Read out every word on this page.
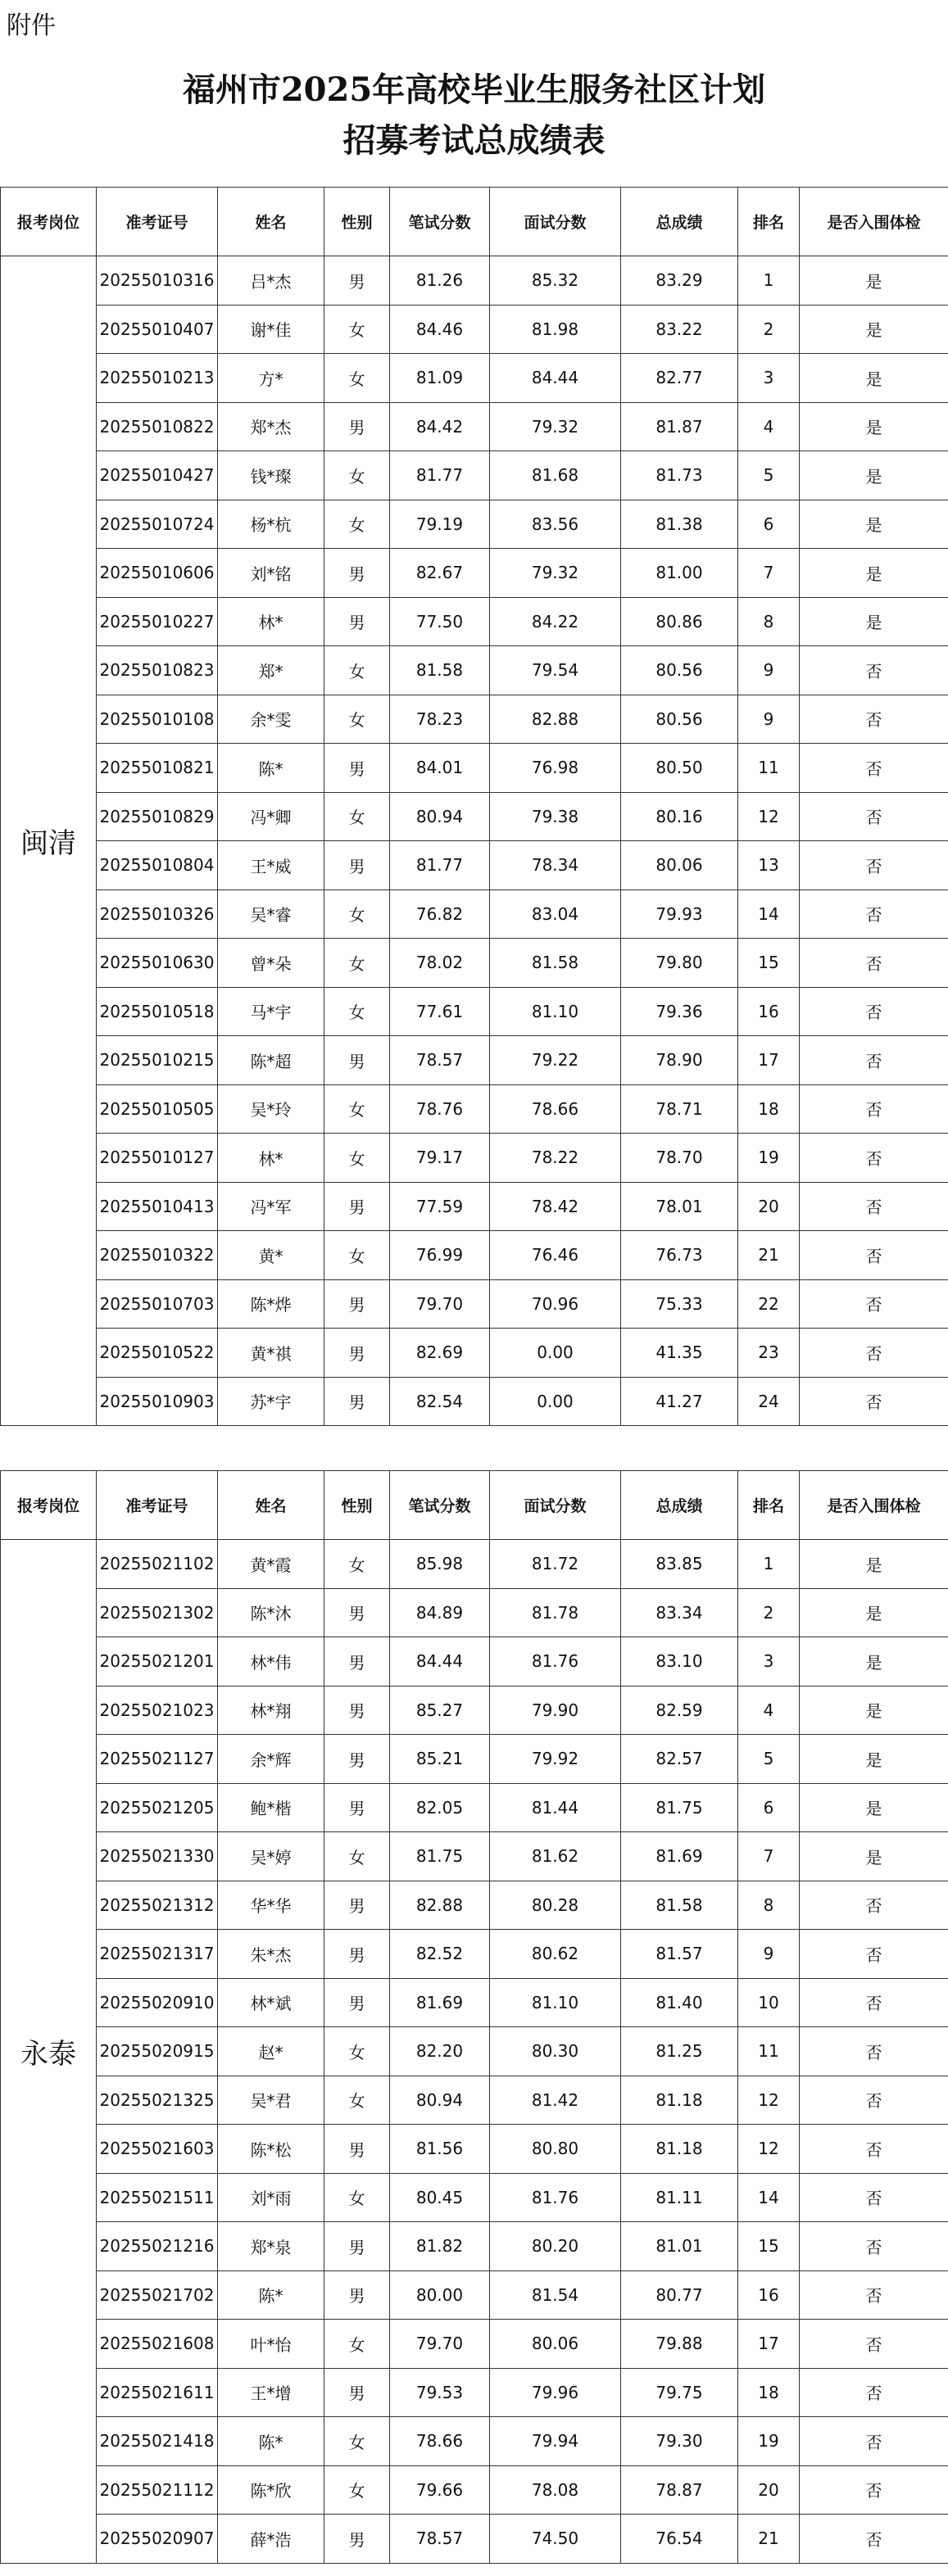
附件
福州市2025年高校毕业生服务社区计划
招募考试总成绩表
报考岗位	准考证号	姓名	性别	笔试分数	面试分数	总成绩	排名	是否入围体检
闽清	20255010316	吕*杰	男	81.26	85.32	83.29	1	是
	20255010407	谢*佳	女	84.46	81.98	83.22	2	是
	20255010213	方*	女	81.09	84.44	82.77	3	是
	20255010822	郑*杰	男	84.42	79.32	81.87	4	是
	20255010427	钱*璨	女	81.77	81.68	81.73	5	是
	20255010724	杨*杭	女	79.19	83.56	81.38	6	是
	20255010606	刘*铭	男	82.67	79.32	81.00	7	是
	20255010227	林*	男	77.50	84.22	80.86	8	是
	20255010823	郑*	女	81.58	79.54	80.56	9	否
	20255010108	余*雯	女	78.23	82.88	80.56	9	否
	20255010821	陈*	男	84.01	76.98	80.50	11	否
	20255010829	冯*卿	女	80.94	79.38	80.16	12	否
	20255010804	王*威	男	81.77	78.34	80.06	13	否
	20255010326	吴*睿	女	76.82	83.04	79.93	14	否
	20255010630	曾*朵	女	78.02	81.58	79.80	15	否
	20255010518	马*宇	女	77.61	81.10	79.36	16	否
	20255010215	陈*超	男	78.57	79.22	78.90	17	否
	20255010505	吴*玲	女	78.76	78.66	78.71	18	否
	20255010127	林*	女	79.17	78.22	78.70	19	否
	20255010413	冯*军	男	77.59	78.42	78.01	20	否
	20255010322	黄*	女	76.99	76.46	76.73	21	否
	20255010703	陈*烨	男	79.70	70.96	75.33	22	否
	20255010522	黄*祺	男	82.69	0.00	41.35	23	否
	20255010903	苏*宇	男	82.54	0.00	41.27	24	否
报考岗位	准考证号	姓名	性别	笔试分数	面试分数	总成绩	排名	是否入围体检
永泰	20255021102	黄*霞	女	85.98	81.72	83.85	1	是
	20255021302	陈*沐	男	84.89	81.78	83.34	2	是
	20255021201	林*伟	男	84.44	81.76	83.10	3	是
	20255021023	林*翔	男	85.27	79.90	82.59	4	是
	20255021127	余*辉	男	85.21	79.92	82.57	5	是
	20255021205	鲍*楷	男	82.05	81.44	81.75	6	是
	20255021330	吴*婷	女	81.75	81.62	81.69	7	是
	20255021312	华*华	男	82.88	80.28	81.58	8	否
	20255021317	朱*杰	男	82.52	80.62	81.57	9	否
	20255020910	林*斌	男	81.69	81.10	81.40	10	否
	20255020915	赵*	女	82.20	80.30	81.25	11	否
	20255021325	吴*君	女	80.94	81.42	81.18	12	否
	20255021603	陈*松	男	81.56	80.80	81.18	12	否
	20255021511	刘*雨	女	80.45	81.76	81.11	14	否
	20255021216	郑*泉	男	81.82	80.20	81.01	15	否
	20255021702	陈*	男	80.00	81.54	80.77	16	否
	20255021608	叶*怡	女	79.70	80.06	79.88	17	否
	20255021611	王*增	男	79.53	79.96	79.75	18	否
	20255021418	陈*	女	78.66	79.94	79.30	19	否
	20255021112	陈*欣	女	79.66	78.08	78.87	20	否
	20255020907	薛*浩	男	78.57	74.50	76.54	21	否
